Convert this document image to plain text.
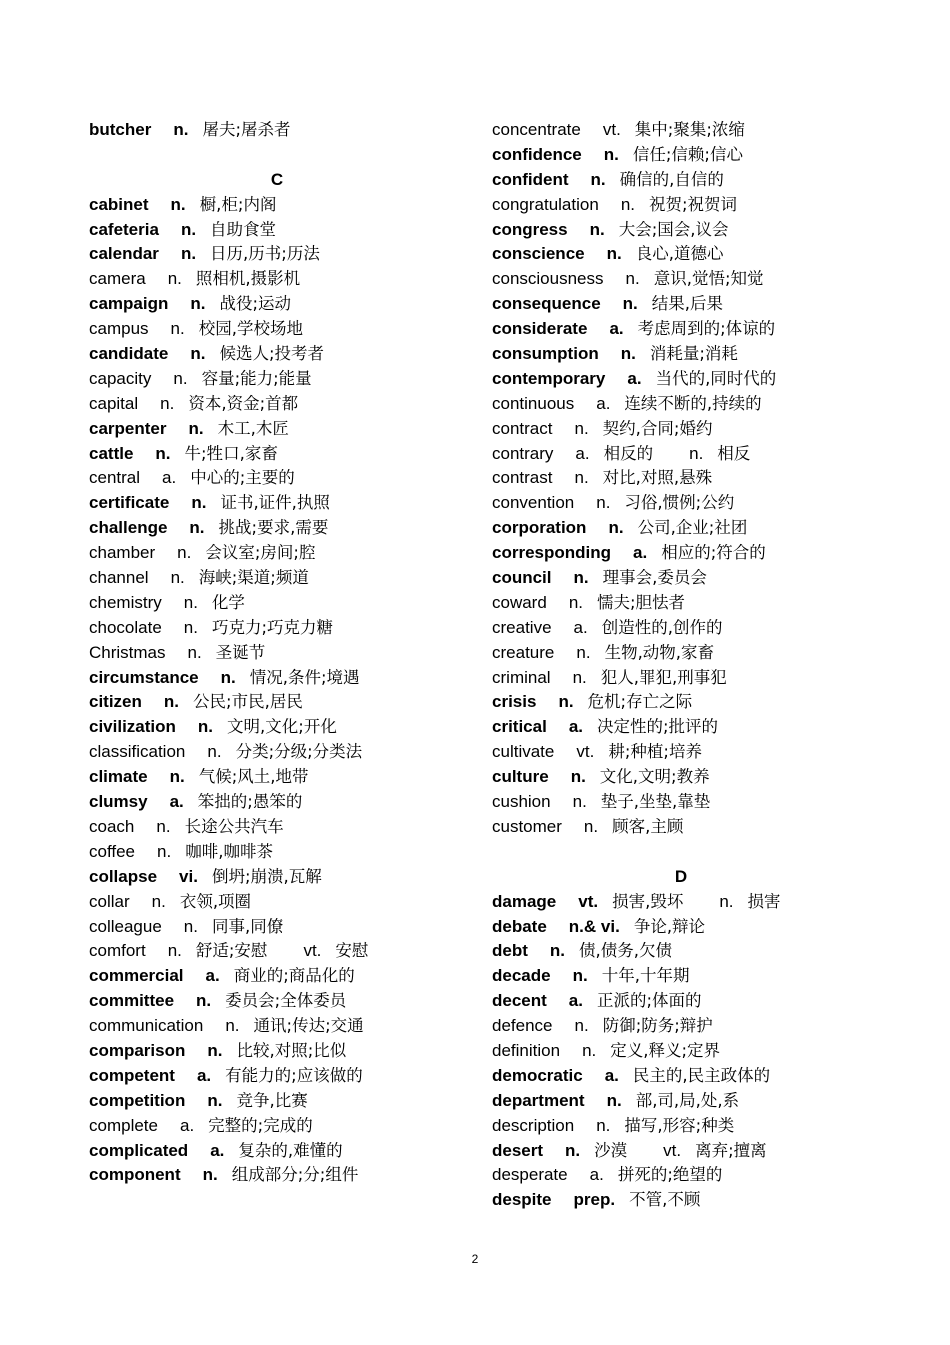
butcher n. 屠夫;屠杀者
C
cabinet n. 橱,柜;内阁
cafeteria n. 自助食堂
calendar n. 日历,历书;历法
camera n. 照相机,摄影机
campaign n. 战役;运动
campus n. 校园,学校场地
candidate n. 候选人;投考者
capacity n. 容量;能力;能量
capital n. 资本,资金;首都
carpenter n. 木工,木匠
cattle n. 牛;牲口,家畜
central a. 中心的;主要的
certificate n. 证书,证件,执照
challenge n. 挑战;要求,需要
chamber n. 会议室;房间;腔
channel n. 海峡;渠道;频道
chemistry n. 化学
chocolate n. 巧克力;巧克力糖
Christmas n. 圣诞节
circumstance n. 情况,条件;境遇
citizen n. 公民;市民,居民
civilization n. 文明,文化;开化
classification n. 分类;分级;分类法
climate n. 气候;风土,地带
clumsy a. 笨拙的;愚笨的
coach n. 长途公共汽车
coffee n. 咖啡,咖啡茶
collapse vi. 倒坍;崩溃,瓦解
collar n. 衣领,项圈
colleague n. 同事,同僚
comfort n. 舒适;安慰 vt. 安慰
commercial a. 商业的;商品化的
committee n. 委员会;全体委员
communication n. 通讯;传达;交通
comparison n. 比较,对照;比似
competent a. 有能力的;应该做的
competition n. 竞争,比赛
complete a. 完整的;完成的
complicated a. 复杂的,难懂的
component n. 组成部分;分;组件
concentrate vt. 集中;聚集;浓缩
confidence n. 信任;信赖;信心
confident n. 确信的,自信的
congratulation n. 祝贺;祝贺词
congress n. 大会;国会,议会
conscience n. 良心,道德心
consciousness n. 意识,觉悟;知觉
consequence n. 结果,后果
considerate a. 考虑周到的;体谅的
consumption n. 消耗量;消耗
contemporary a. 当代的,同时代的
continuous a. 连续不断的,持续的
contract n. 契约,合同;婚约
contrary a. 相反的 n. 相反
contrast n. 对比,对照,悬殊
convention n. 习俗,惯例;公约
corporation n. 公司,企业;社团
corresponding a. 相应的;符合的
council n. 理事会,委员会
coward n. 懦夫;胆怯者
creative a. 创造性的,创作的
creature n. 生物,动物,家畜
criminal n. 犯人,罪犯,刑事犯
crisis n. 危机;存亡之际
critical a. 决定性的;批评的
cultivate vt. 耕;种植;培养
culture n. 文化,文明;教养
cushion n. 垫子,坐垫,靠垫
customer n. 顾客,主顾
D
damage vt. 损害,毁坏 n. 损害
debate n.& vi. 争论,辩论
debt n. 债,债务,欠债
decade n. 十年,十年期
decent a. 正派的;体面的
defence n. 防御;防务;辩护
definition n. 定义,释义;定界
democratic a. 民主的,民主政体的
department n. 部,司,局,处,系
description n. 描写,形容;种类
desert n. 沙漠 vt. 离弃;擅离
desperate a. 拼死的;绝望的
despite prep. 不管,不顾
2
